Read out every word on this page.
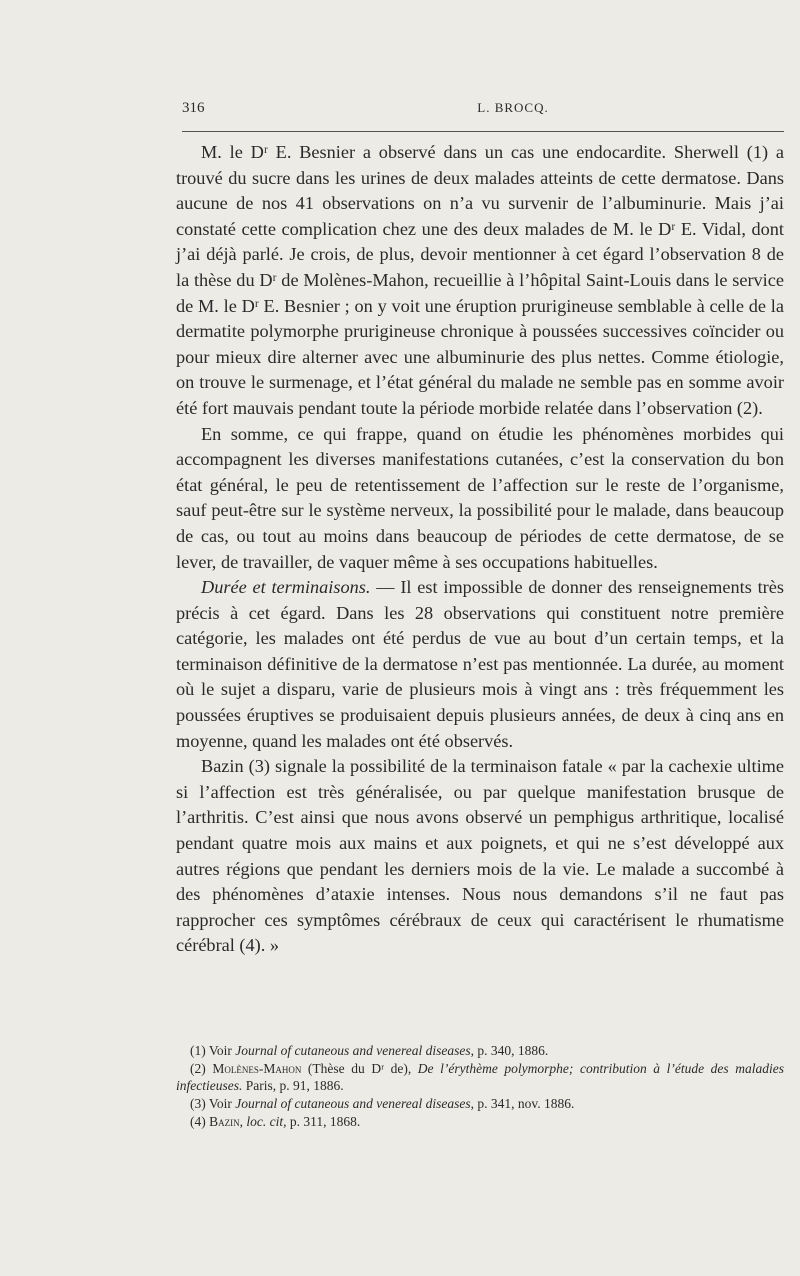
316	L. BROCQ.

M. le Dʳ E. Besnier a observé dans un cas une endocardite. Sherwell (1) a trouvé du sucre dans les urines de deux malades atteints de cette dermatose. Dans aucune de nos 41 observations on n’a vu survenir de l’albuminurie. Mais j’ai constaté cette complication chez une des deux malades de M. le Dʳ E. Vidal, dont j’ai déjà parlé. Je crois, de plus, devoir mentionner à cet égard l’observation 8 de la thèse du Dʳ de Molènes-Mahon, recueillie à l’hôpital Saint-Louis dans le service de M. le Dʳ E. Besnier ; on y voit une éruption prurigineuse semblable à celle de la dermatite polymorphe prurigineuse chronique à poussées successives coïncider ou pour mieux dire alterner avec une albuminurie des plus nettes. Comme étiologie, on trouve le surmenage, et l’état général du malade ne semble pas en somme avoir été fort mauvais pendant toute la période morbide relatée dans l’observation (2).

En somme, ce qui frappe, quand on étudie les phénomènes morbides qui accompagnent les diverses manifestations cutanées, c’est la conservation du bon état général, le peu de retentissement de l’affection sur le reste de l’organisme, sauf peut-être sur le système nerveux, la possibilité pour le malade, dans beaucoup de cas, ou tout au moins dans beaucoup de périodes de cette dermatose, de se lever, de travailler, de vaquer même à ses occupations habituelles.

Durée et terminaisons. — Il est impossible de donner des renseignements très précis à cet égard. Dans les 28 observations qui constituent notre première catégorie, les malades ont été perdus de vue au bout d’un certain temps, et la terminaison définitive de la dermatose n’est pas mentionnée. La durée, au moment où le sujet a disparu, varie de plusieurs mois à vingt ans : très fréquemment les poussées éruptives se produisaient depuis plusieurs années, de deux à cinq ans en moyenne, quand les malades ont été observés.

Bazin (3) signale la possibilité de la terminaison fatale « par la cachexie ultime si l’affection est très généralisée, ou par quelque manifestation brusque de l’arthritis. C’est ainsi que nous avons observé un pemphigus arthritique, localisé pendant quatre mois aux mains et aux poignets, et qui ne s’est développé aux autres régions que pendant les derniers mois de la vie. Le malade a succombé à des phénomènes d’ataxie intenses. Nous nous demandons s’il ne faut pas rapprocher ces symptômes cérébraux de ceux qui caractérisent le rhumatisme cérébral (4). »

(1) Voir Journal of cutaneous and venereal diseases, p. 340, 1886.

(2) Molènes-Mahon (Thèse du Dʳ de), De l’érythème polymorphe; contribution à l’étude des maladies infectieuses. Paris, p. 91, 1886.

(3) Voir Journal of cutaneous and venereal diseases, p. 341, nov. 1886.

(4) Bazin, loc. cit, p. 311, 1868.
